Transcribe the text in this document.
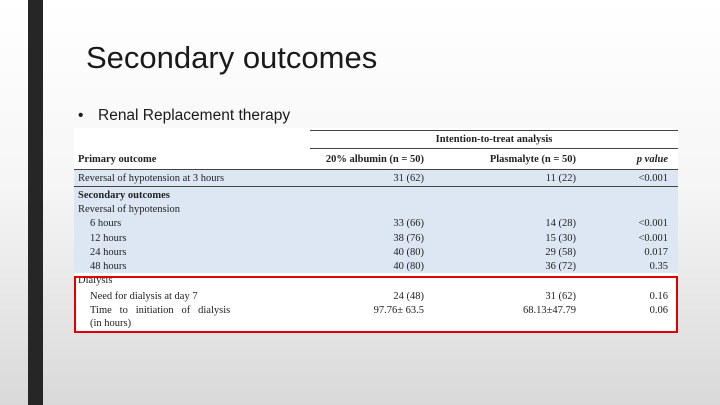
Secondary outcomes
• Renal Replacement therapy
Intention-to-treat analysis
Primary outcome	20% albumin (n = 50)	Plasmalyte (n = 50)	p value
Reversal of hypotension at 3 hours	31 (62)	11 (22)	<0.001
Secondary outcomes
Reversal of hypotension
6 hours	33 (66)	14 (28)	<0.001
12 hours	38 (76)	15 (30)	<0.001
24 hours	40 (80)	29 (58)	0.017
48 hours	40 (80)	36 (72)	0.35
Dialysis
Need for dialysis at day 7	24 (48)	31 (62)	0.16
Time   to   initiation   of   dialysis
(in hours)
97.76± 63.5	68.13±47.79	0.06
